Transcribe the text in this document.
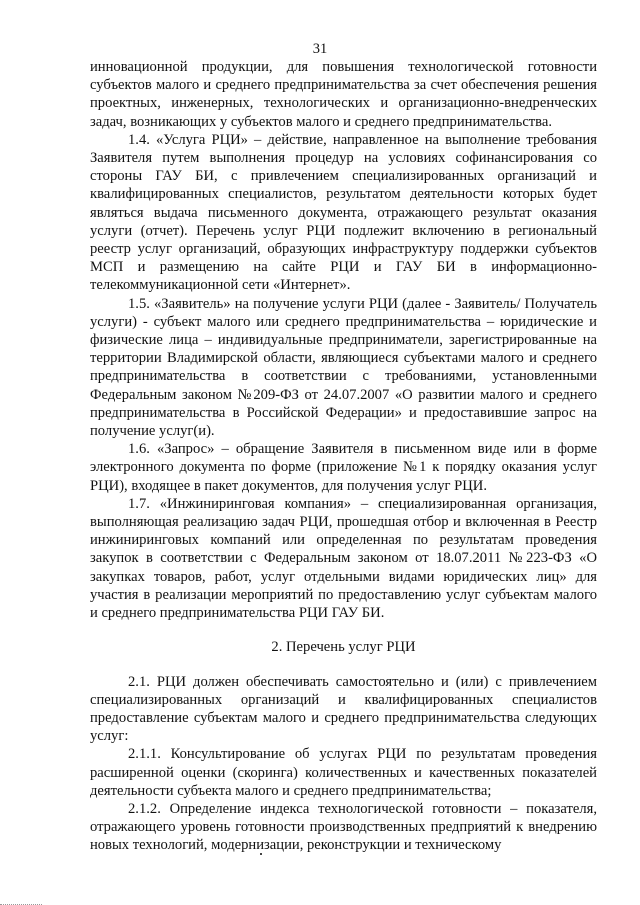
31

инновационной продукции, для повышения технологической готовности субъектов малого и среднего предпринимательства за счет обеспечения решения проектных, инженерных, технологических и организационно-внедренческих задач, возникающих у субъектов малого и среднего предпринимательства.

1.4. «Услуга РЦИ» – действие, направленное на выполнение требования Заявителя путем выполнения процедур на условиях софинансирования со стороны ГАУ БИ, с привлечением специализированных организаций и квалифицированных специалистов, результатом деятельности которых будет являться выдача письменного документа, отражающего результат оказания услуги (отчет). Перечень услуг РЦИ подлежит включению в региональный реестр услуг организаций, образующих инфраструктуру поддержки субъектов МСП и размещению на сайте РЦИ и ГАУ БИ в информационно-телекоммуникационной сети «Интернет».

1.5. «Заявитель» на получение услуги РЦИ (далее - Заявитель/ Получатель услуги) - субъект малого или среднего предпринимательства – юридические и физические лица – индивидуальные предприниматели, зарегистрированные на территории Владимирской области, являющиеся субъектами малого и среднего предпринимательства в соответствии с требованиями, установленными Федеральным законом №209-ФЗ от 24.07.2007 «О развитии малого и среднего предпринимательства в Российской Федерации» и предоставившие запрос на получение услуг(и).

1.6. «Запрос» – обращение Заявителя в письменном виде или в форме электронного документа по форме (приложение №1 к порядку оказания услуг РЦИ), входящее в пакет документов, для получения услуг РЦИ.

1.7. «Инжиниринговая компания» – специализированная организация, выполняющая реализацию задач РЦИ, прошедшая отбор и включенная в Реестр инжиниринговых компаний или определенная по результатам проведения закупок в соответствии с Федеральным законом от 18.07.2011 №223-ФЗ «О закупках товаров, работ, услуг отдельными видами юридических лиц» для участия в реализации мероприятий по предоставлению услуг субъектам малого и среднего предпринимательства РЦИ ГАУ БИ.

2. Перечень услуг РЦИ

2.1. РЦИ должен обеспечивать самостоятельно и (или) с привлечением специализированных организаций и квалифицированных специалистов предоставление субъектам малого и среднего предпринимательства следующих услуг:

2.1.1. Консультирование об услугах РЦИ по результатам проведения расширенной оценки (скоринга) количественных и качественных показателей деятельности субъекта малого и среднего предпринимательства;

2.1.2. Определение индекса технологической готовности – показателя, отражающего уровень готовности производственных предприятий к внедрению новых технологий, модернизации, реконструкции и техническому
